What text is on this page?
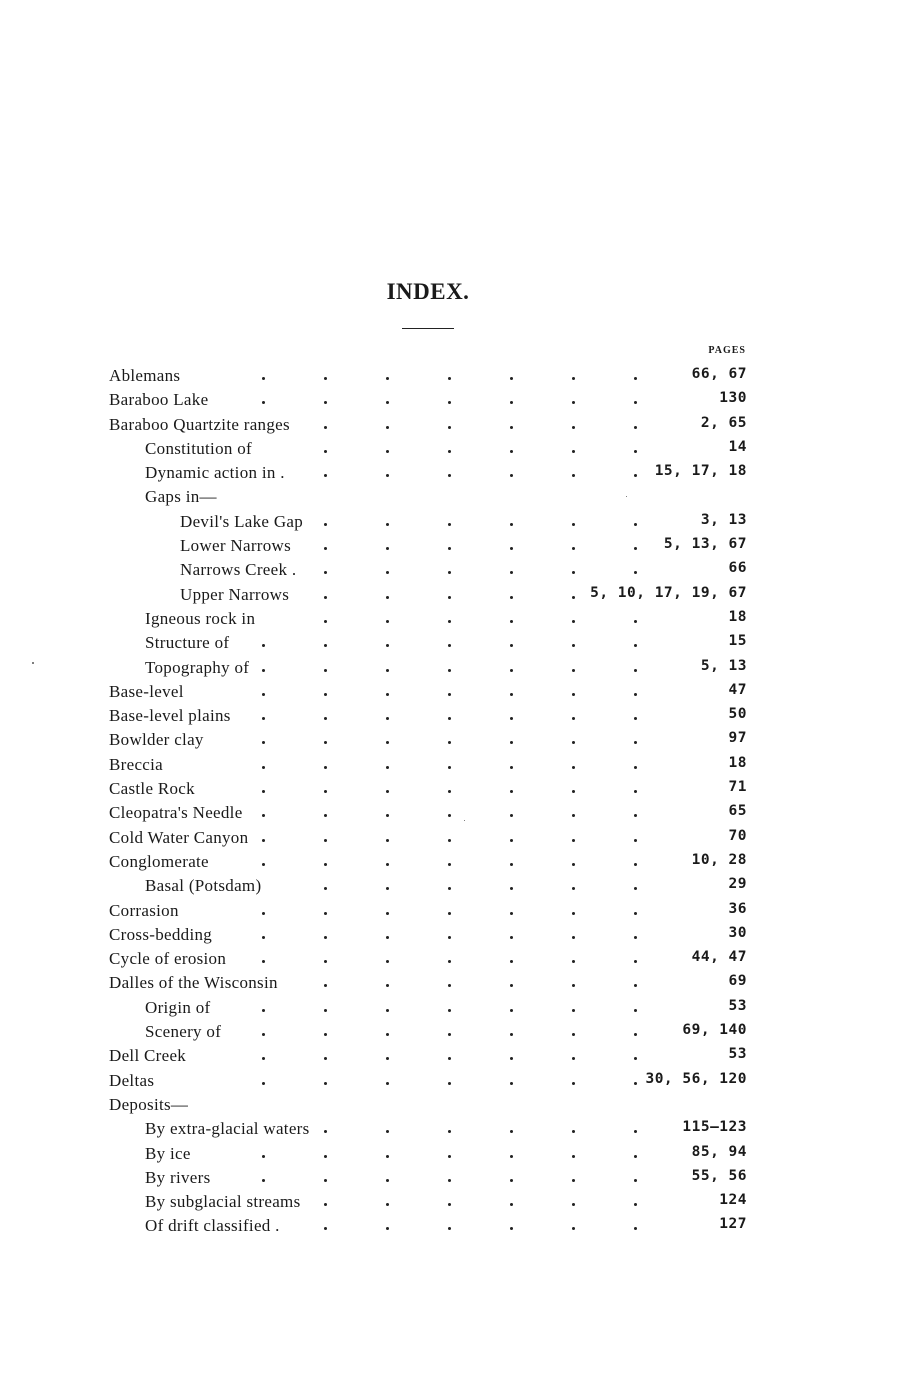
INDEX.
PAGES
Ablemans	66, 67
Baraboo Lake	130
Baraboo Quartzite ranges	2, 65
Constitution of	14
Dynamic action in .	15, 17, 18
Gaps in—
Devil's Lake Gap	3, 13
Lower Narrows	5, 13, 67
Narrows Creek .	66
Upper Narrows	5, 10, 17, 19, 67
Igneous rock in	18
Structure of	15
Topography of	5, 13
Base-level	47
Base-level plains	50
Bowlder clay	97
Breccia	18
Castle Rock	71
Cleopatra's Needle	65
Cold Water Canyon	70
Conglomerate	10, 28
Basal (Potsdam)	29
Corrasion	36
Cross-bedding	30
Cycle of erosion	44, 47
Dalles of the Wisconsin	69
Origin of	53
Scenery of	69, 140
Dell Creek	53
Deltas	30, 56, 120
Deposits—
By extra-glacial waters	115–123
By ice	85, 94
By rivers	55, 56
By subglacial streams	124
Of drift classified .	127
